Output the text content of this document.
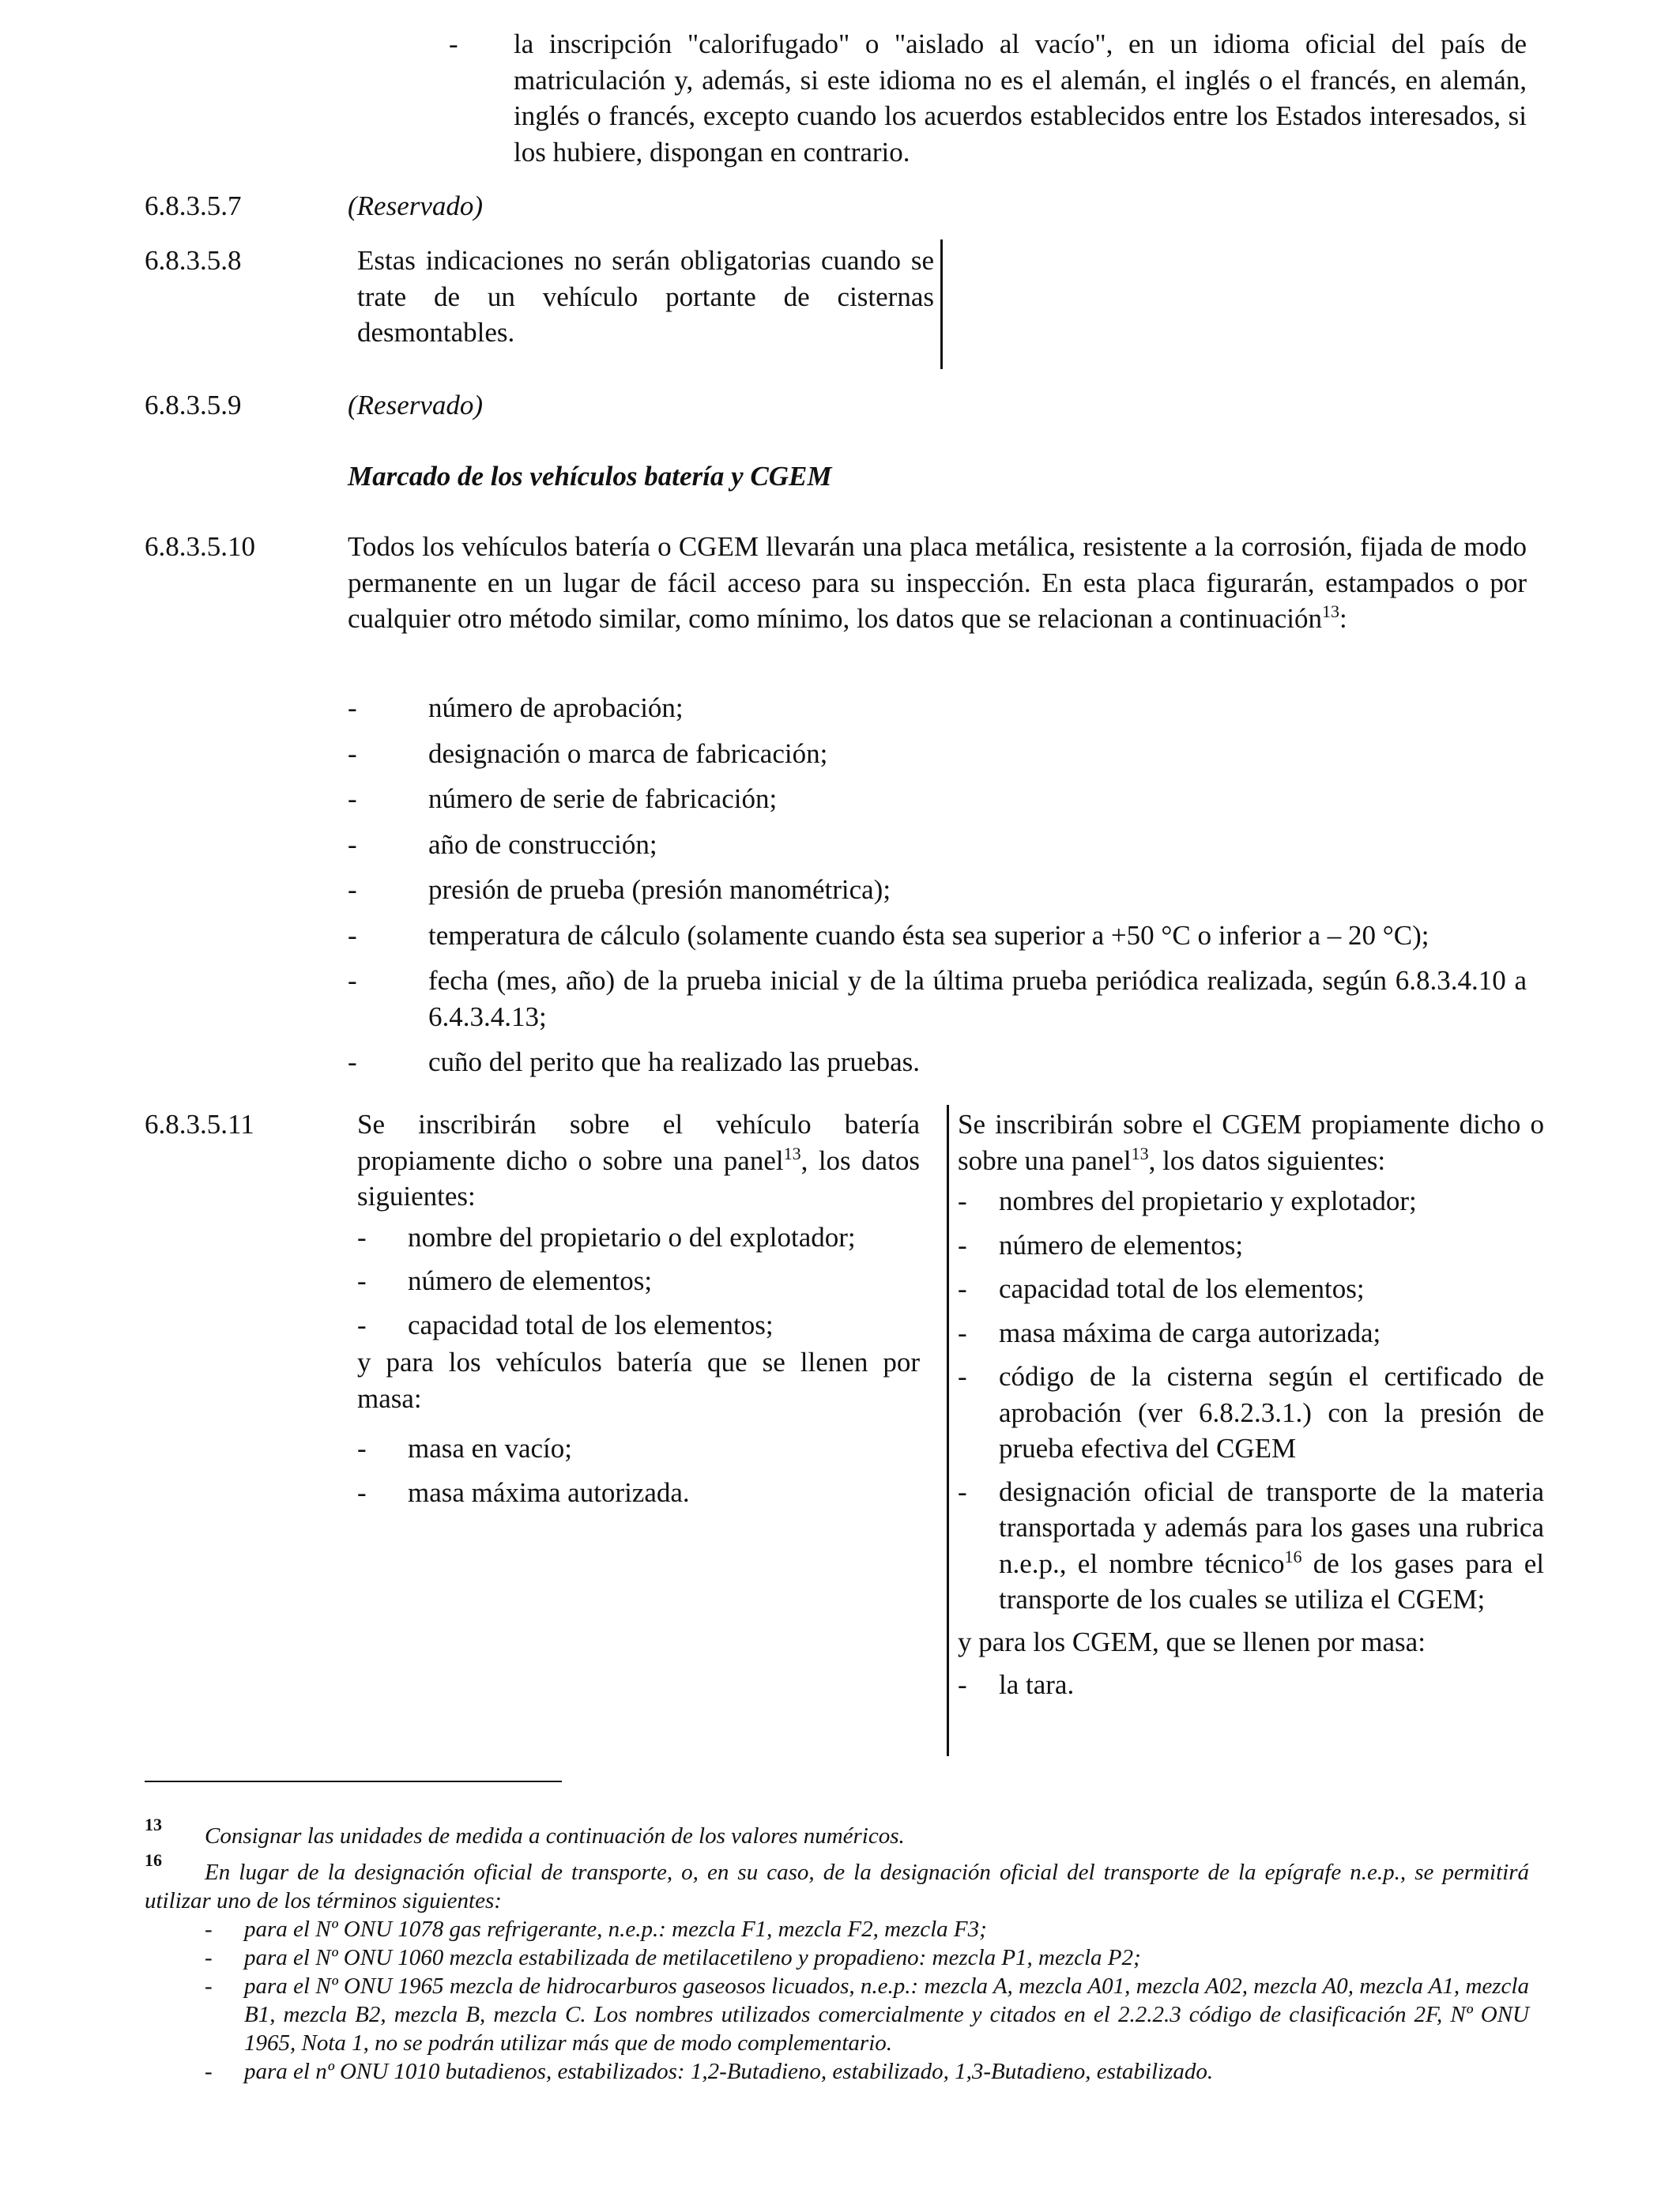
- la inscripción "calorifugado" o "aislado al vacío", en un idioma oficial del país de matriculación y, además, si este idioma no es el alemán, el inglés o el francés, en alemán, inglés o francés, excepto cuando los acuerdos establecidos entre los Estados interesados, si los hubiere, dispongan en contrario.
6.8.3.5.7	(Reservado)
6.8.3.5.8	Estas indicaciones no serán obligatorias cuando se trate de un vehículo portante de cisternas desmontables.
6.8.3.5.9	(Reservado)
Marcado de los vehículos batería y CGEM
6.8.3.5.10	Todos los vehículos batería o CGEM llevarán una placa metálica, resistente a la corrosión, fijada de modo permanente en un lugar de fácil acceso para su inspección. En esta placa figurarán, estampados o por cualquier otro método similar, como mínimo, los datos que se relacionan a continuación$^{13}$:
-	número de aprobación;
-	designación o marca de fabricación;
-	número de serie de fabricación;
-	año de construcción;
-	presión de prueba (presión manométrica);
-	temperatura de cálculo (solamente cuando ésta sea superior a +50 °C o inferior a – 20 °C);
-	fecha (mes, año) de la prueba inicial y de la última prueba periódica realizada, según 6.8.3.4.10 a 6.4.3.4.13;
-	cuño del perito que ha realizado las pruebas.
6.8.3.5.11	Se inscribirán sobre el vehículo batería propiamente dicho o sobre una panel$^{13}$, los datos siguientes:
- nombre del propietario o del explotador;
- número de elementos;
- capacidad total de los elementos;
y para los vehículos batería que se llenen por masa:
- masa en vacío;
- masa máxima autorizada.
Se inscribirán sobre el CGEM propiamente dicho o sobre una panel$^{13}$, los datos siguientes:
- nombres del propietario y explotador;
- número de elementos;
- capacidad total de los elementos;
- masa máxima de carga autorizada;
- código de la cisterna según el certificado de aprobación (ver 6.8.2.3.1.) con la presión de prueba efectiva del CGEM
- designación oficial de transporte de la materia transportada y además para los gases una rubrica n.e.p., el nombre técnico$^{16}$ de los gases para el transporte de los cuales se utiliza el CGEM;
y para los CGEM, que se llenen por masa:
- la tara.
13 Consignar las unidades de medida a continuación de los valores numéricos.
16	En lugar de la designación oficial de transporte, o, en su caso, de la designación oficial del transporte de la epígrafe n.e.p., se permitirá utilizar uno de los términos siguientes:
- para el Nº ONU 1078 gas refrigerante, n.e.p.: mezcla F1, mezcla F2, mezcla F3;
- para el Nº ONU 1060 mezcla estabilizada de metilacetileno y propadieno: mezcla P1, mezcla P2;
- para el Nº ONU 1965 mezcla de hidrocarburos gaseosos licuados, n.e.p.: mezcla A, mezcla A01, mezcla A02, mezcla A0, mezcla A1, mezcla B1, mezcla B2, mezcla B, mezcla C. Los nombres utilizados comercialmente y citados en el 2.2.2.3 código de clasificación 2F, Nº ONU 1965, Nota 1, no se podrán utilizar más que de modo complementario.
- para el nº ONU 1010 butadienos, estabilizados: 1,2-Butadieno, estabilizado, 1,3-Butadieno, estabilizado.
